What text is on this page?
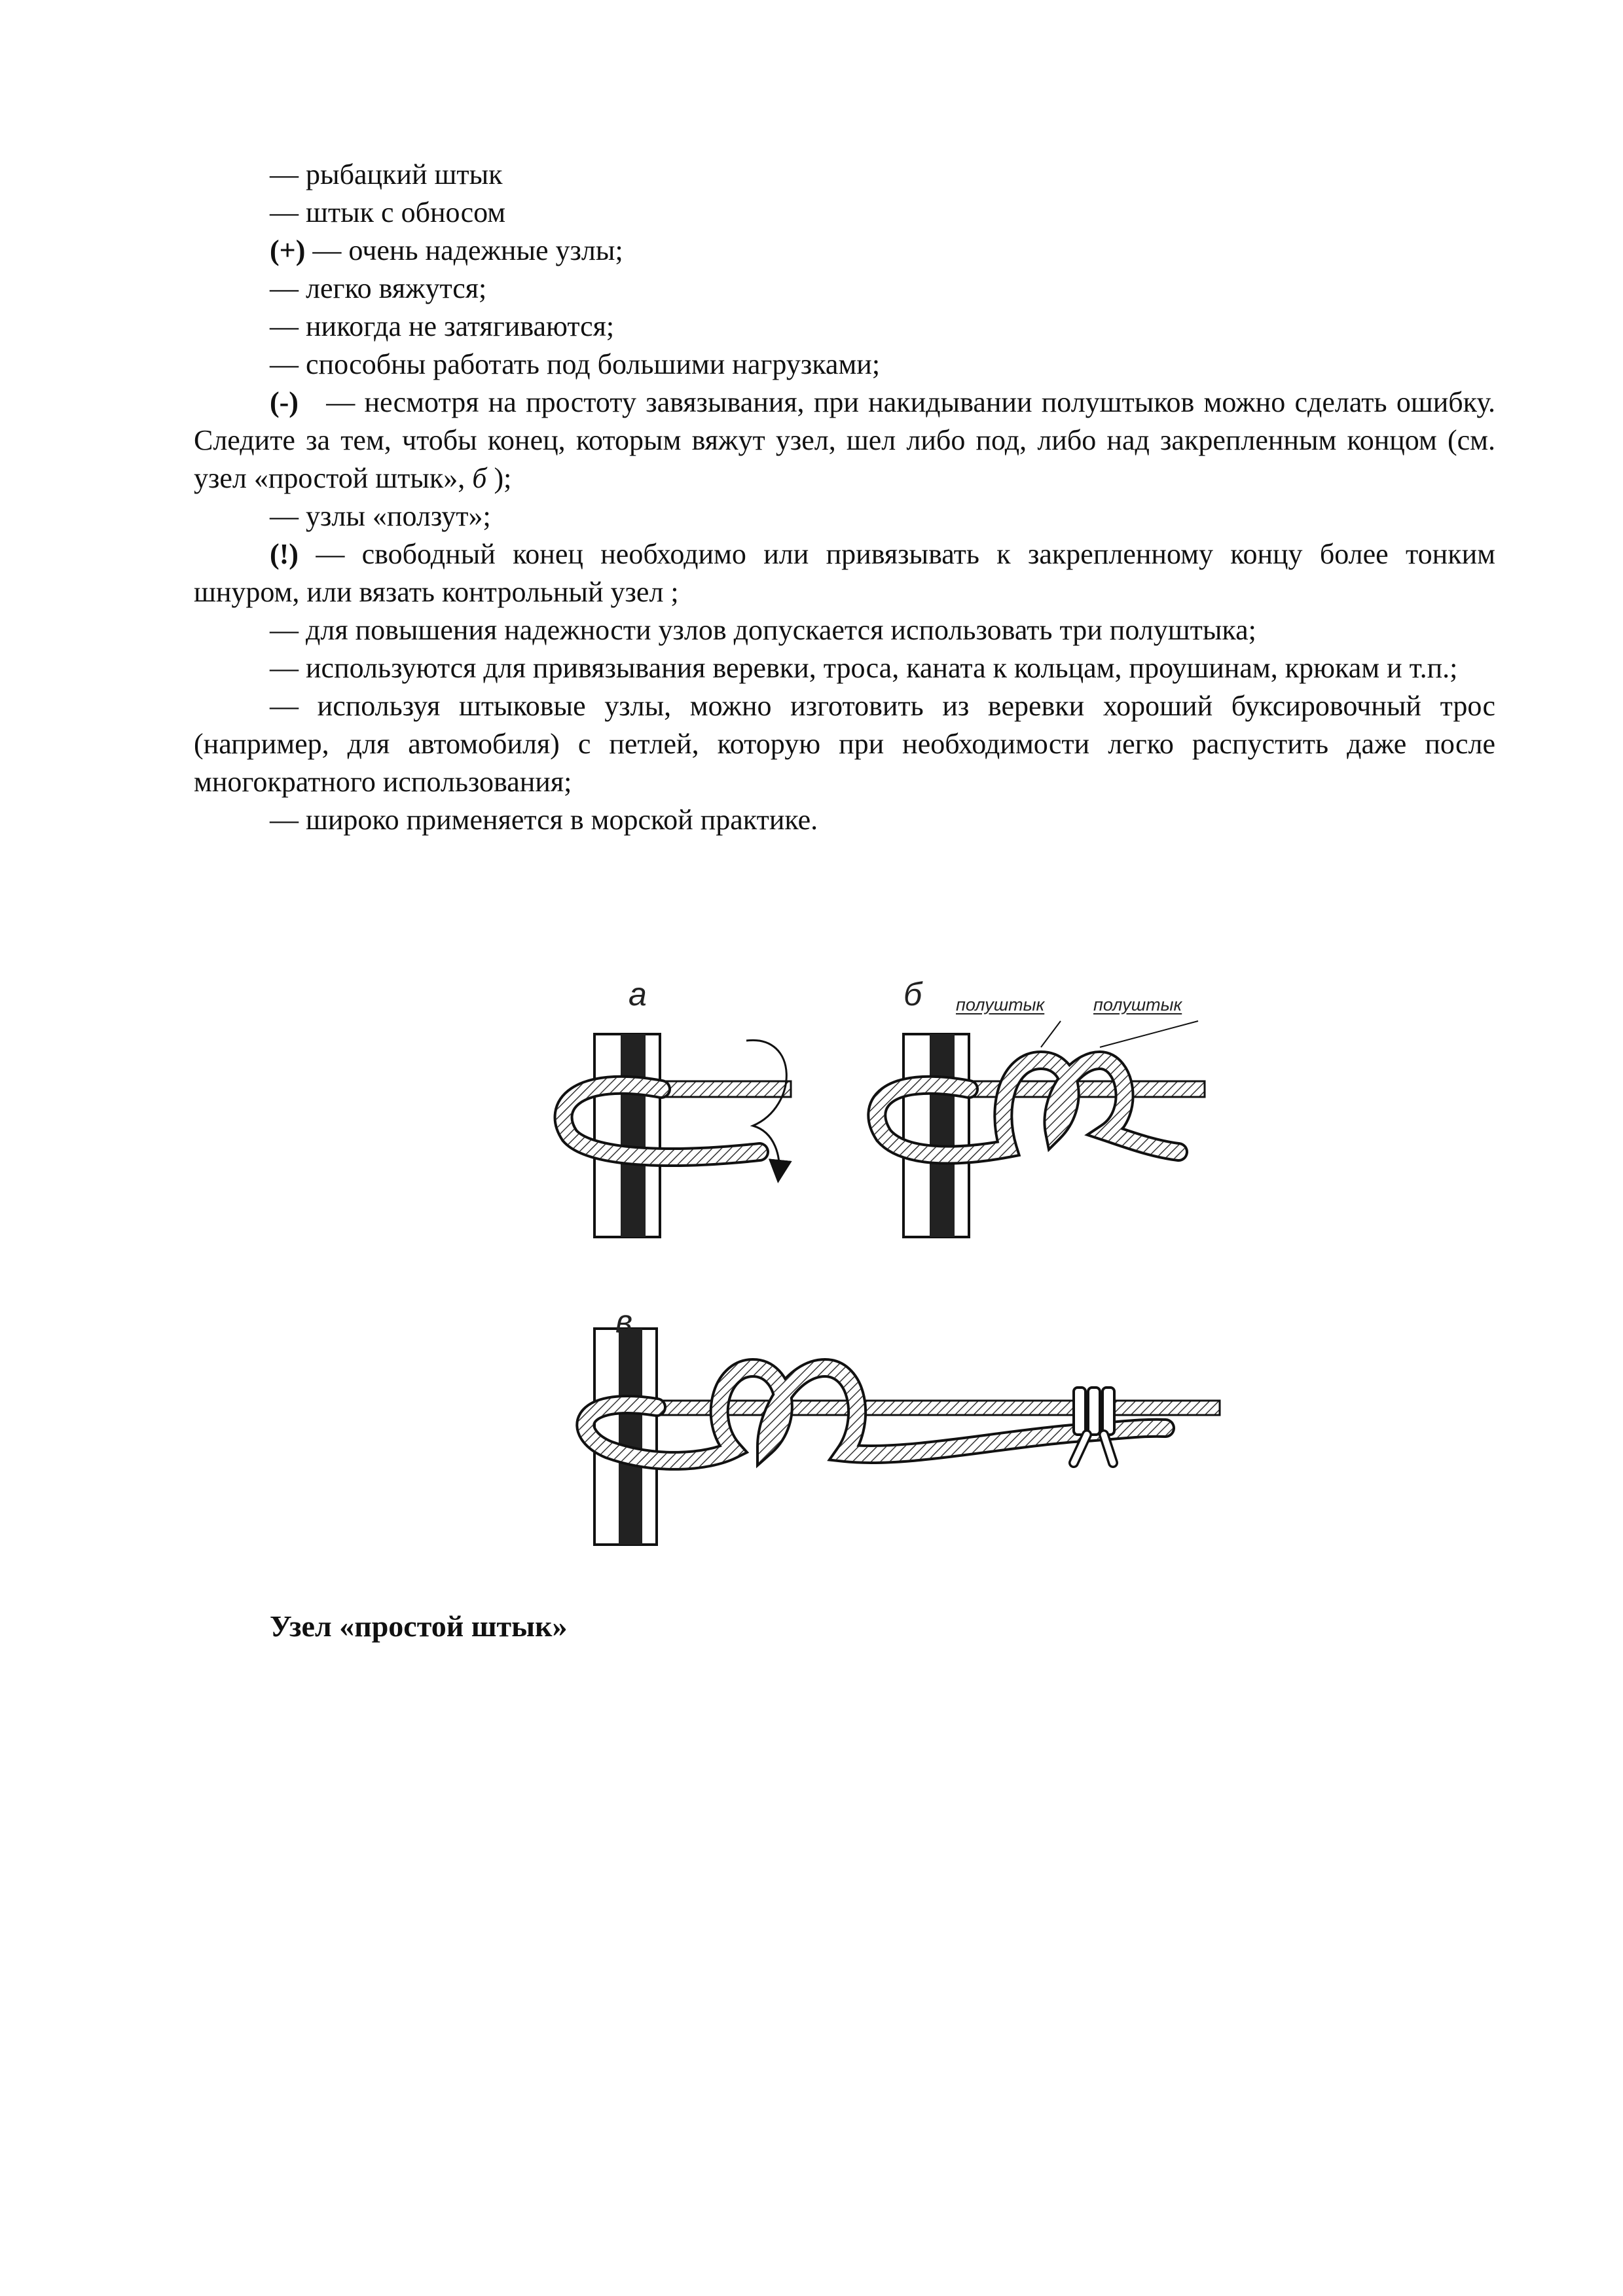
— рыбацкий штык

— штык с обносом

(+) — очень надежные узлы;

— легко вяжутся;

— никогда не затягиваются;

— способны работать под большими нагрузками;

(-) — несмотря на простоту завязывания, при накидывании полуштыков можно сделать ошибку. Следите за тем, чтобы конец, которым вяжут узел, шел либо под, либо над закрепленным концом (см. узел «простой штык», б );

— узлы «ползут»;

(!) — свободный конец необходимо или привязывать к закрепленному концу более тонким шнуром, или вязать контрольный узел ;

— для повышения надежности узлов допускается использовать три полуштыка;

— используются для привязывания веревки, троса, каната к кольцам, проушинам, крюкам и т.п.;

— используя штыковые узлы, можно изготовить из веревки хороший буксировочный трос (например, для автомобиля) с петлей, которую при необходимости легко распустить даже после многократного использования;

— широко применяется в морской практике.

а	б
в
полуштык	полуштык
Узел «простой штык»
